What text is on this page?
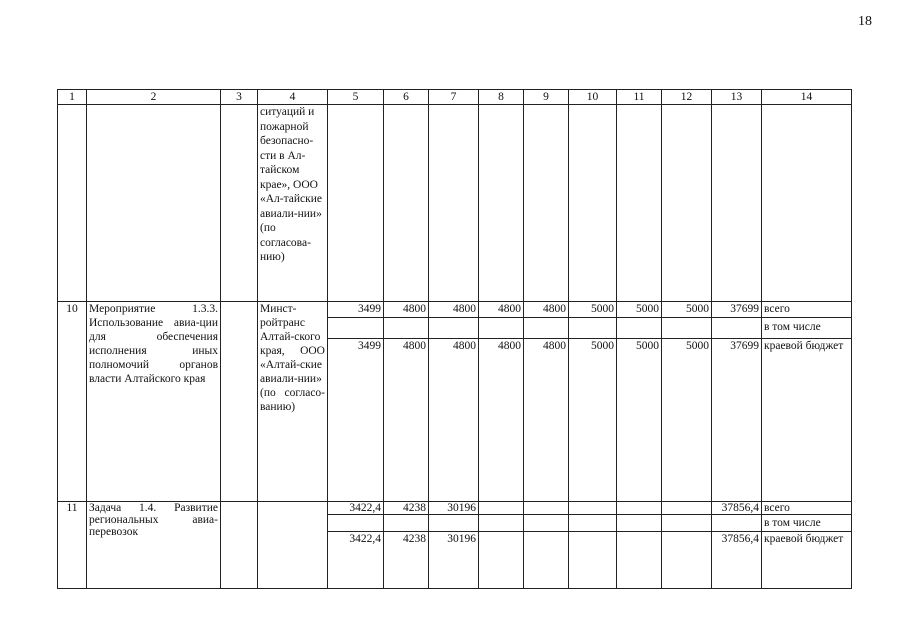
18
1	2	3	4	5	6	7	8	9	10	11	12	13	14
			ситуаций и пожарной безопасно-сти в Ал-тайском крае», ООО «Ал-тайские авиали-нии» (по согласова-нию)										
10	Мероприятие 1.3.3. Использование авиа-ции для обеспечения исполнения иных полномочий органов власти Алтайского края		Минст-ройтранс Алтай-ского края, ООО «Алтай-ские авиали-нии» (по согласо-ванию)	3499	4800	4800	4800	4800	5000	5000	5000	37699	всего
													в том числе
				3499	4800	4800	4800	4800	5000	5000	5000	37699	краевой бюджет
11	Задача 1.4. Развитие региональных авиа-перевозок			3422,4	4238	30196						37856,4	всего
													в том числе
				3422,4	4238	30196						37856,4	краевой бюджет
